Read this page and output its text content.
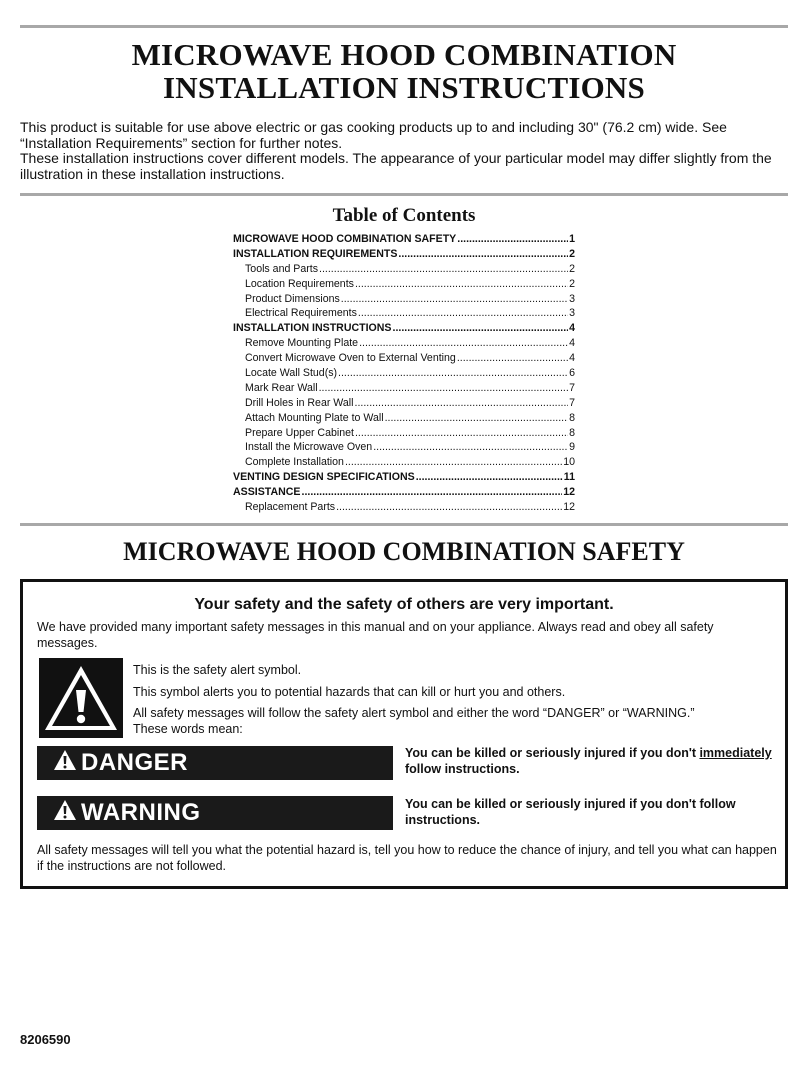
MICROWAVE HOOD COMBINATION
INSTALLATION INSTRUCTIONS
This product is suitable for use above electric or gas cooking products up to and including 30" (76.2 cm) wide. See “Installation Requirements” section for further notes.
These installation instructions cover different models. The appearance of your particular model may differ slightly from the illustration in these installation instructions.
Table of Contents
MICROWAVE HOOD COMBINATION SAFETY .....	1
INSTALLATION REQUIREMENTS .....	2
Tools and Parts .....	2
Location Requirements .....	2
Product Dimensions .....	3
Electrical Requirements .....	3
INSTALLATION INSTRUCTIONS .....	4
Remove Mounting Plate .....	4
Convert Microwave Oven to External Venting .....	4
Locate Wall Stud(s) .....	6
Mark Rear Wall .....	7
Drill Holes in Rear Wall .....	7
Attach Mounting Plate to Wall .....	8
Prepare Upper Cabinet .....	8
Install the Microwave Oven .....	9
Complete Installation .....	10
VENTING DESIGN SPECIFICATIONS .....	11
ASSISTANCE .....	12
Replacement Parts .....	12
MICROWAVE HOOD COMBINATION SAFETY
Your safety and the safety of others are very important.
We have provided many important safety messages in this manual and on your appliance. Always read and obey all safety messages.
This is the safety alert symbol.
This symbol alerts you to potential hazards that can kill or hurt you and others.
All safety messages will follow the safety alert symbol and either the word “DANGER” or “WARNING.”
These words mean:
DANGER	You can be killed or seriously injured if you don't immediately
follow instructions.
WARNING	You can be killed or seriously injured if you don't follow instructions.
All safety messages will tell you what the potential hazard is, tell you how to reduce the chance of injury, and tell you what can happen if the instructions are not followed.
8206590
